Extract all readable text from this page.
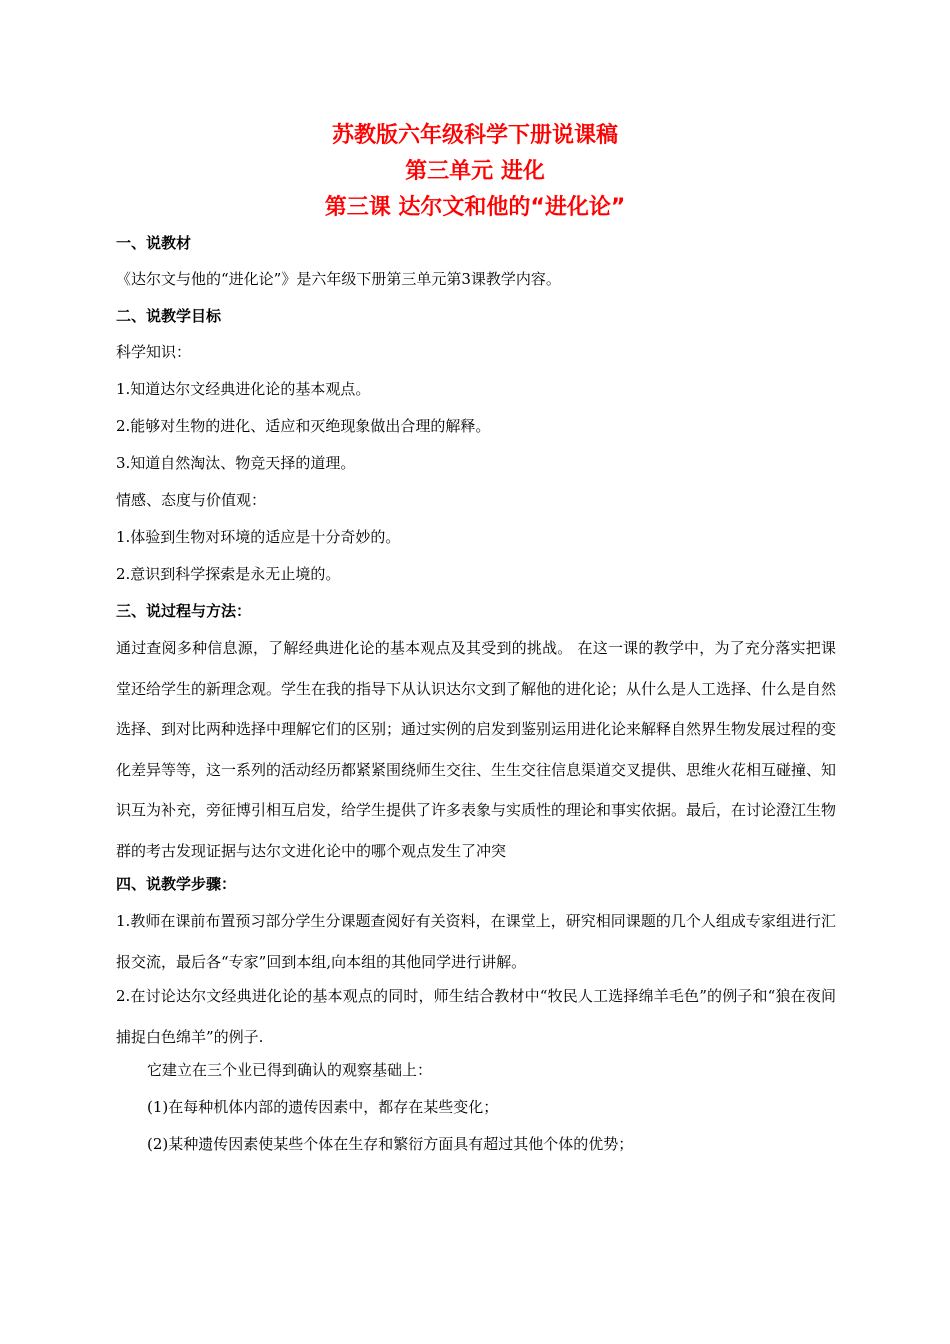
苏教版六年级科学下册说课稿
第三单元 进化
第三课 达尔文和他的“进化论”
一、说教材
《达尔文与他的“进化论”》是六年级下册第三单元第3课教学内容。
二、说教学目标
科学知识：
1.知道达尔文经典进化论的基本观点。
2.能够对生物的进化、适应和灭绝现象做出合理的解释。
3.知道自然淘汰、物竞天择的道理。
情感、态度与价值观：
1.体验到生物对环境的适应是十分奇妙的。
2.意识到科学探索是永无止境的。
三、说过程与方法：
通过查阅多种信息源，了解经典进化论的基本观点及其受到的挑战。 在这一课的教学中，为了充分落实把课堂还给学生的新理念观。学生在我的指导下从认识达尔文到了解他的进化论；从什么是人工选择、什么是自然选择、到对比两种选择中理解它们的区别；通过实例的启发到鉴别运用进化论来解释自然界生物发展过程的变化差异等等，这一系列的活动经历都紧紧围绕师生交往、生生交往信息渠道交叉提供、思维火花相互碰撞、知识互为补充，旁征博引相互启发，给学生提供了许多表象与实质性的理论和事实依据。最后，在讨论澄江生物群的考古发现证据与达尔文进化论中的哪个观点发生了冲突
四、说教学步骤：
1.教师在课前布置预习部分学生分课题查阅好有关资料，在课堂上，研究相同课题的几个人组成专家组进行汇报交流，最后各“专家”回到本组,向本组的其他同学进行讲解。
2.在讨论达尔文经典进化论的基本观点的同时，师生结合教材中“牧民人工选择绵羊毛色”的例子和“狼在夜间捕捉白色绵羊”的例子.
它建立在三个业已得到确认的观察基础上：
(1)在每种机体内部的遗传因素中，都存在某些变化；
(2)某种遗传因素使某些个体在生存和繁衍方面具有超过其他个体的优势；
